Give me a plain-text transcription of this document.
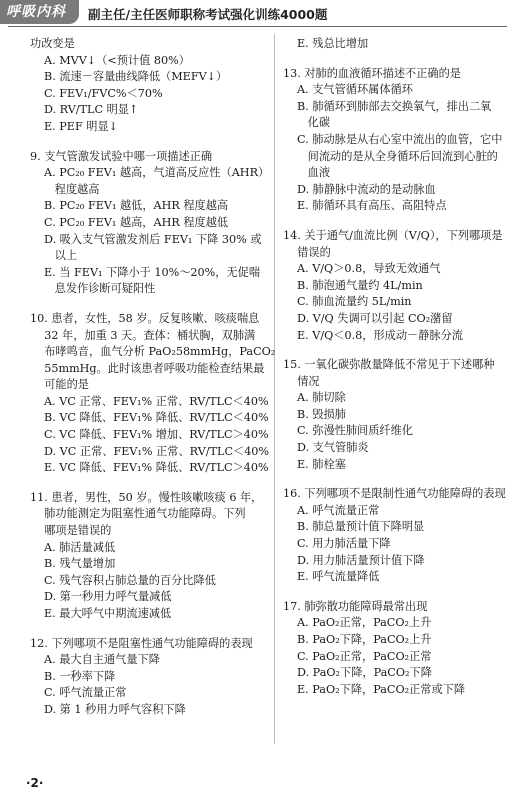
呼吸内科	副主任/主任医师职称考试强化训练4000题
功改变是
A. MVV↓（<预计值 80%）
B. 流速－容量曲线降低（MEFV↓）
C. FEV₁/FVC%＜70%
D. RV/TLC 明显↑
E. PEF 明显↓
9. 支气管激发试验中哪一项描述正确
A. PC₂₀ FEV₁ 越高，气道高反应性（AHR）
程度越高
B. PC₂₀ FEV₁ 越低，AHR 程度越高
C. PC₂₀ FEV₁ 越高，AHR 程度越低
D. 吸入支气管激发剂后 FEV₁ 下降 30% 或
以上
E. 当 FEV₁ 下降小于 10%～20%，无促喘
息发作诊断可疑阳性
10. 患者，女性，58 岁。反复咳嗽、咳痰喘息
32 年，加重 3 天。查体：桶状胸，双肺满
布哮鸣音，血气分析 PaO₂58mmHg，PaCO₂
55mmHg。此时该患者呼吸功能检查结果最
可能的是
A. VC 正常、FEV₁% 正常、RV/TLC＜40%
B. VC 降低、FEV₁% 降低、RV/TLC＜40%
C. VC 降低、FEV₁% 增加、RV/TLC＞40%
D. VC 正常、FEV₁% 正常、RV/TLC＜40%
E. VC 降低、FEV₁% 降低、RV/TLC＞40%
11. 患者，男性，50 岁。慢性咳嗽咳痰 6 年，
肺功能测定为阻塞性通气功能障碍。下列
哪项是错误的
A. 肺活量减低
B. 残气量增加
C. 残气容积占肺总量的百分比降低
D. 第一秒用力呼气量减低
E. 最大呼气中期流速减低
12. 下列哪项不是阻塞性通气功能障碍的表现
A. 最大自主通气量下降
B. 一秒率下降
C. 呼气流量正常
D. 第 1 秒用力呼气容积下降
E. 残总比增加
13. 对肺的血液循环描述不正确的是
A. 支气管循环属体循环
B. 肺循环到肺部去交换氧气，排出二氧
化碳
C. 肺动脉是从右心室中流出的血管，它中
间流动的是从全身循环后回流到心脏的
血液
D. 肺静脉中流动的是动脉血
E. 肺循环具有高压、高阻特点
14. 关于通气/血流比例（V/Q），下列哪项是
错误的
A. V/Q＞0.8，导致无效通气
B. 肺泡通气量约 4L/min
C. 肺血流量约 5L/min
D. V/Q 失调可以引起 CO₂潴留
E. V/Q＜0.8，形成动－静脉分流
15. 一氧化碳弥散量降低不常见于下述哪种
情况
A. 肺切除
B. 毁损肺
C. 弥漫性肺间质纤维化
D. 支气管肺炎
E. 肺栓塞
16. 下列哪项不是限制性通气功能障碍的表现
A. 呼气流量正常
B. 肺总量预计值下降明显
C. 用力肺活量下降
D. 用力肺活量预计值下降
E. 呼气流量降低
17. 肺弥散功能障碍最常出现
A. PaO₂正常，PaCO₂上升
B. PaO₂下降，PaCO₂上升
C. PaO₂正常，PaCO₂正常
D. PaO₂下降，PaCO₂下降
E. PaO₂下降，PaCO₂正常或下降
·2·
